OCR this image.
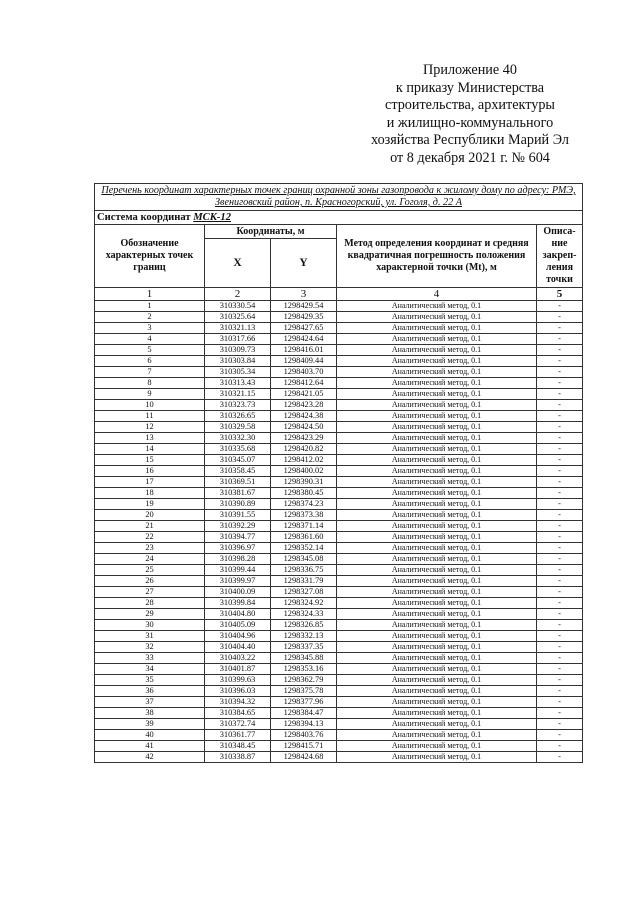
Приложение 40
к приказу Министерства
строительства, архитектуры
и жилищно-коммунального
хозяйства Республики Марий Эл
от 8 декабря 2021 г. № 604
Перечень координат характерных точек границ охранной зоны газопровода к жилому дому по адресу: РМЭ, Звениговский район, п. Красногорский, ул. Гоголя, д. 22 А				
Система координат МСК-12				
Обозначение характерных точек границ	Координаты, м		Метод определения координат и средняя квадратичная погрешность положения характерной точки (Mt), м	Описа-ние закреп-ления точки
	X	Y		
1	2	3	4	5
1	310330.54	1298429.54	Аналитический метод, 0.1	-
2	310325.64	1298429.35	Аналитический метод, 0.1	-
3	310321.13	1298427.65	Аналитический метод, 0.1	-
4	310317.66	1298424.64	Аналитический метод, 0.1	-
5	310309.73	1298416.01	Аналитический метод, 0.1	-
6	310303.84	1298409.44	Аналитический метод, 0.1	-
7	310305.34	1298403.70	Аналитический метод, 0.1	-
8	310313.43	1298412.64	Аналитический метод, 0.1	-
9	310321.15	1298421.05	Аналитический метод, 0.1	-
10	310323.73	1298423.28	Аналитический метод, 0.1	-
11	310326.65	1298424.38	Аналитический метод, 0.1	-
12	310329.58	1298424.50	Аналитический метод, 0.1	-
13	310332.30	1298423.29	Аналитический метод, 0.1	-
14	310335.68	1298420.82	Аналитический метод, 0.1	-
15	310345.07	1298412.02	Аналитический метод, 0.1	-
16	310358.45	1298400.02	Аналитический метод, 0.1	-
17	310369.51	1298390.31	Аналитический метод, 0.1	-
18	310381.67	1298380.45	Аналитический метод, 0.1	-
19	310390.89	1298374.23	Аналитический метод, 0.1	-
20	310391.55	1298373.38	Аналитический метод, 0.1	-
21	310392.29	1298371.14	Аналитический метод, 0.1	-
22	310394.77	1298361.60	Аналитический метод, 0.1	-
23	310396.97	1298352.14	Аналитический метод, 0.1	-
24	310398.28	1298345.08	Аналитический метод, 0.1	-
25	310399.44	1298336.75	Аналитический метод, 0.1	-
26	310399.97	1298331.79	Аналитический метод, 0.1	-
27	310400.09	1298327.08	Аналитический метод, 0.1	-
28	310399.84	1298324.92	Аналитический метод, 0.1	-
29	310404.80	1298324.33	Аналитический метод, 0.1	-
30	310405.09	1298326.85	Аналитический метод, 0.1	-
31	310404.96	1298332.13	Аналитический метод, 0.1	-
32	310404.40	1298337.35	Аналитический метод, 0.1	-
33	310403.22	1298345.88	Аналитический метод, 0.1	-
34	310401.87	1298353.16	Аналитический метод, 0.1	-
35	310399.63	1298362.79	Аналитический метод, 0.1	-
36	310396.03	1298375.78	Аналитический метод, 0.1	-
37	310394.32	1298377.96	Аналитический метод, 0.1	-
38	310384.65	1298384.47	Аналитический метод, 0.1	-
39	310372.74	1298394.13	Аналитический метод, 0.1	-
40	310361.77	1298403.76	Аналитический метод, 0.1	-
41	310348.45	1298415.71	Аналитический метод, 0.1	-
42	310338.87	1298424.68	Аналитический метод, 0.1	-
